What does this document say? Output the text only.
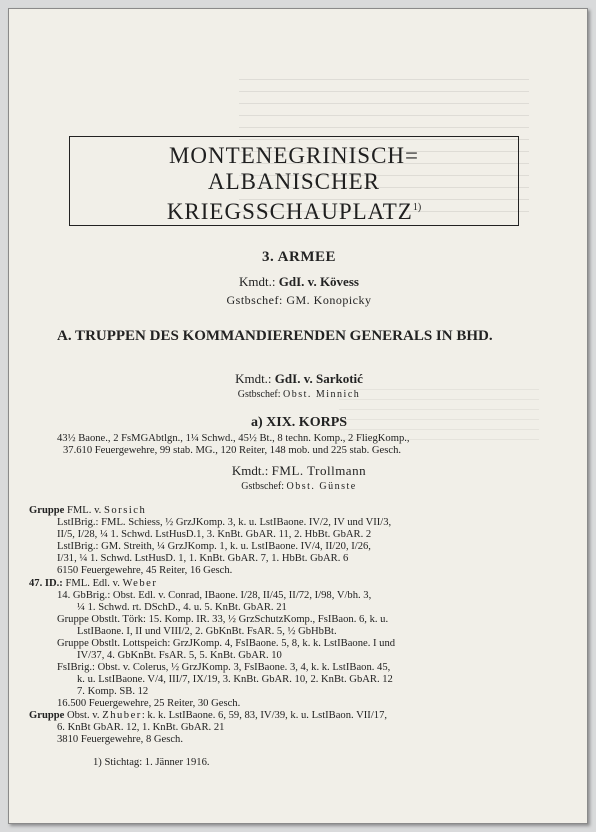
MONTENEGRINISCH=
ALBANISCHER
KRIEGSSCHAUPLATZ$^{1)}$
3. ARMEE
Kmdt.: GdI. v. Kövess
Gstbschef: GM. Konopicky
A. TRUPPEN DES KOMMANDIERENDEN GENERALS IN BHD.
Kmdt.: GdI. v. Sarkotić
Gstbschef: Obst. Minnich
a) XIX. KORPS
43½ Baone., 2 FsMGAbtlgn., 1¼ Schwd., 45½ Bt., 8 techn. Komp., 2 FliegKomp.,
37.610 Feuergewehre, 99 stab. MG., 120 Reiter, 148 mob. und 225 stab. Gesch.
Kmdt.: FML. Trollmann
Gstbschef: Obst. Günste
Gruppe FML. v. Sorsich
LstIBrig.: FML. Schiess, ½ GrzJKomp. 3, k. u. LstIBaone. IV/2, IV und VII/3,
II/5, I/28, ¼ 1. Schwd. LstHusD.1, 3. KnBt. GbAR. 11, 2. HbBt. GbAR. 2
LstIBrig.: GM. Streith, ¼ GrzJKomp. 1, k. u. LstIBaone. IV/4, II/20, I/26,
I/31, ¼ 1. Schwd. LstHusD. 1, 1. KnBt. GbAR. 7, 1. HbBt. GbAR. 6
6150 Feuergewehre, 45 Reiter, 16 Gesch.
47. ID.: FML. Edl. v. Weber
14. GbBrig.: Obst. Edl. v. Conrad, IBaone. I/28, II/45, II/72, I/98, V/bh. 3,
¼ 1. Schwd. rt. DSchD., 4. u. 5. KnBt. GbAR. 21
Gruppe Obstlt. Törk: 15. Komp. IR. 33, ½ GrzSchutzKomp., FsIBaon. 6, k. u.
LstIBaone. I, II und VIII/2, 2. GbKnBt. FsAR. 5, ½ GbHbBt.
Gruppe Obstlt. Lottspeich: GrzJKomp. 4, FsIBaone. 5, 8, k. k. LstIBaone. I und
IV/37, 4. GbKnBt. FsAR. 5, 5. KnBt. GbAR. 10
FsIBrig.: Obst. v. Colerus, ½ GrzJKomp. 3, FsIBaone. 3, 4, k. k. LstIBaon. 45,
k. u. LstIBaone. V/4, III/7, IX/19, 3. KnBt. GbAR. 10, 2. KnBt. GbAR. 12
7. Komp. SB. 12
16.500 Feuergewehre, 25 Reiter, 30 Gesch.
Gruppe Obst. v. Zhuber: k. k. LstIBaone. 6, 59, 83, IV/39, k. u. LstIBaon. VII/17,
6. KnBt GbAR. 12, 1. KnBt. GbAR. 21
3810 Feuergewehre, 8 Gesch.
1) Stichtag: 1. Jänner 1916.
